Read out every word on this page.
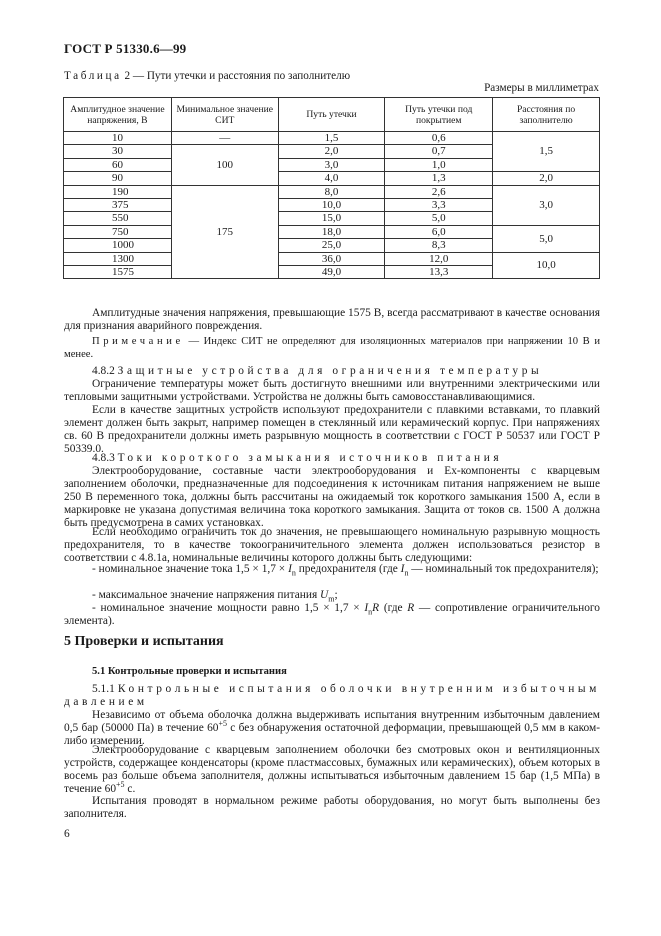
ГОСТ Р 51330.6—99
Таблица 2 — Пути утечки и расстояния по заполнителю
Размеры в миллиметрах
Амплитудное значение напряжения, В	Минимальное значение СИТ	Путь утечки	Путь утечки под покрытием	Расстояния по заполнителю
10	—	1,5	0,6	1,5
30	100	2,0	0,7	
60		3,0	1,0	
90		4,0	1,3	2,0
190	175	8,0	2,6	3,0
375		10,0	3,3	
550		15,0	5,0	
750		18,0	6,0	5,0
1000		25,0	8,3	
1300		36,0	12,0	10,0
1575		49,0	13,3	
Амплитудные значения напряжения, превышающие 1575 В, всегда рассматривают в качестве основания для признания аварийного повреждения.
Примечание — Индекс СИТ не определяют для изоляционных материалов при напряжении 10 В и менее.
4.8.2 Защитные устройства для ограничения температуры
Ограничение температуры может быть достигнуто внешними или внутренними электрическими или тепловыми защитными устройствами. Устройства не должны быть самовосстанавливающимися.
Если в качестве защитных устройств используют предохранители с плавкими вставками, то плавкий элемент должен быть закрыт, например помещен в стеклянный или керамический корпус. При напряжениях св. 60 В предохранители должны иметь разрывную мощность в соответствии с ГОСТ Р 50537 или ГОСТ Р 50339.0.
4.8.3 Токи короткого замыкания источников питания
Электрооборудование, составные части электрооборудования и Ex-компоненты с кварцевым заполнением оболочки, предназначенные для подсоединения к источникам питания напряжением не выше 250 В переменного тока, должны быть рассчитаны на ожидаемый ток короткого замыкания 1500 А, если в маркировке не указана допустимая величина тока короткого замыкания. Защита от токов св. 1500 А должна быть предусмотрена в самих установках.
Если необходимо ограничить ток до значения, не превышающего номинальную разрывную мощность предохранителя, то в качестве токоограничительного элемента должен использоваться резистор в соответствии с 4.8.1а, номинальные величины которого должны быть следующими:
- номинальное значение тока $1,5 \times 1,7 \times I_n$ предохранителя (где $I_n$ — номинальный ток предохранителя);
- максимальное значение напряжения питания $U_m$;
- номинальное значение мощности равно $1,5 \times 1,7 \times I_nR$ (где R — сопротивление ограничительного элемента).
5 Проверки и испытания
5.1 Контрольные проверки и испытания
5.1.1 Контрольные испытания оболочки внутренним избыточным давлением
Независимо от объема оболочка должна выдерживать испытания внутренним избыточным давлением 0,5 бар (50000 Па) в течение $60^{+5}$ с без обнаружения остаточной деформации, превышающей 0,5 мм в каком-либо измерении.
Электрооборудование с кварцевым заполнением оболочки без смотровых окон и вентиляционных устройств, содержащее конденсаторы (кроме пластмассовых, бумажных или керамических), объем которых в восемь раз больше объема заполнителя, должны испытываться избыточным давлением 15 бар (1,5 МПа) в течение $60^{+5}$ с.
Испытания проводят в нормальном режиме работы оборудования, но могут быть выполнены без заполнителя.
6
